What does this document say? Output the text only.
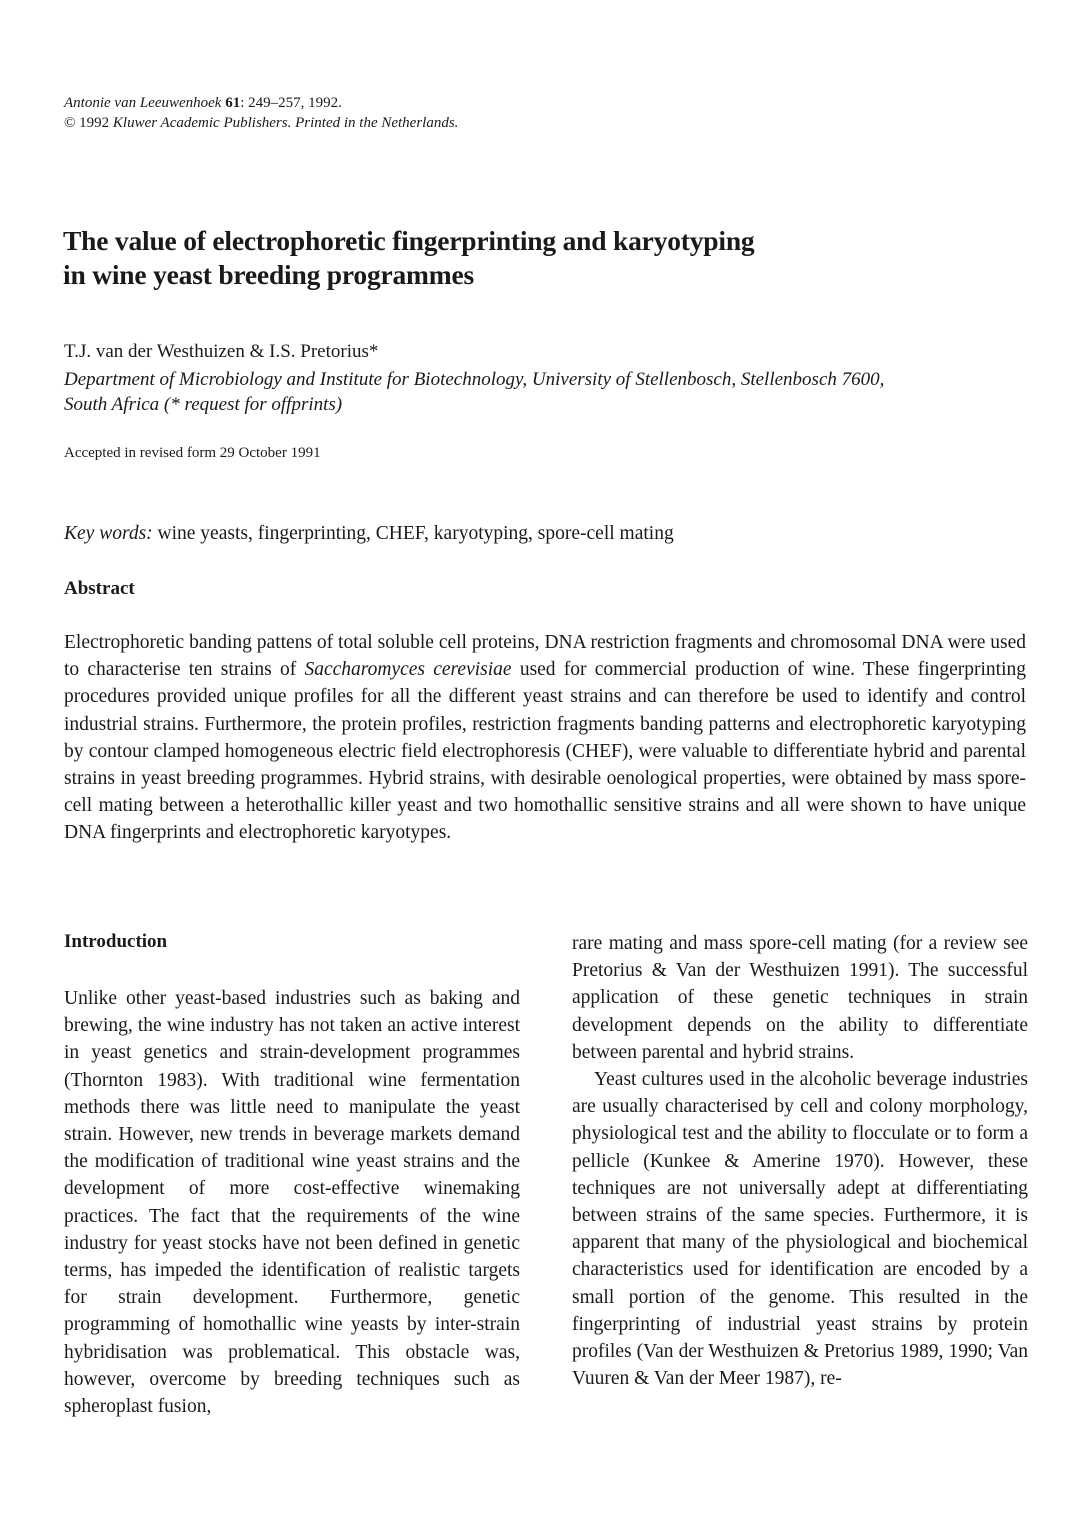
Antonie van Leeuwenhoek 61: 249–257, 1992.
© 1992 Kluwer Academic Publishers. Printed in the Netherlands.
The value of electrophoretic fingerprinting and karyotyping
in wine yeast breeding programmes
T.J. van der Westhuizen & I.S. Pretorius*
Department of Microbiology and Institute for Biotechnology, University of Stellenbosch, Stellenbosch 7600,
South Africa (* request for offprints)
Accepted in revised form 29 October 1991
Key words: wine yeasts, fingerprinting, CHEF, karyotyping, spore-cell mating
Abstract

Electrophoretic banding pattens of total soluble cell proteins, DNA restriction fragments and chromosomal DNA were used to characterise ten strains of Saccharomyces cerevisiae used for commercial production of wine. These fingerprinting procedures provided unique profiles for all the different yeast strains and can therefore be used to identify and control industrial strains. Furthermore, the protein profiles, restriction fragments banding patterns and electrophoretic karyotyping by contour clamped homogeneous electric field electrophoresis (CHEF), were valuable to differentiate hybrid and parental strains in yeast breeding programmes. Hybrid strains, with desirable oenological properties, were obtained by mass spore-cell mating between a heterothallic killer yeast and two homothallic sensitive strains and all were shown to have unique DNA fingerprints and electrophoretic karyotypes.

Introduction

Unlike other yeast-based industries such as baking and brewing, the wine industry has not taken an active interest in yeast genetics and strain-development programmes (Thornton 1983). With traditional wine fermentation methods there was little need to manipulate the yeast strain. However, new trends in beverage markets demand the modification of traditional wine yeast strains and the development of more cost-effective winemaking practices. The fact that the requirements of the wine industry for yeast stocks have not been defined in genetic terms, has impeded the identification of realistic targets for strain development. Furthermore, genetic programming of homothallic wine yeasts by inter-strain hybridisation was problematical. This obstacle was, however, overcome by breeding techniques such as spheroplast fusion,

rare mating and mass spore-cell mating (for a review see Pretorius & Van der Westhuizen 1991). The successful application of these genetic techniques in strain development depends on the ability to differentiate between parental and hybrid strains.

Yeast cultures used in the alcoholic beverage industries are usually characterised by cell and colony morphology, physiological test and the ability to flocculate or to form a pellicle (Kunkee & Amerine 1970). However, these techniques are not universally adept at differentiating between strains of the same species. Furthermore, it is apparent that many of the physiological and biochemical characteristics used for identification are encoded by a small portion of the genome. This resulted in the fingerprinting of industrial yeast strains by protein profiles (Van der Westhuizen & Pretorius 1989, 1990; Van Vuuren & Van der Meer 1987), re-
